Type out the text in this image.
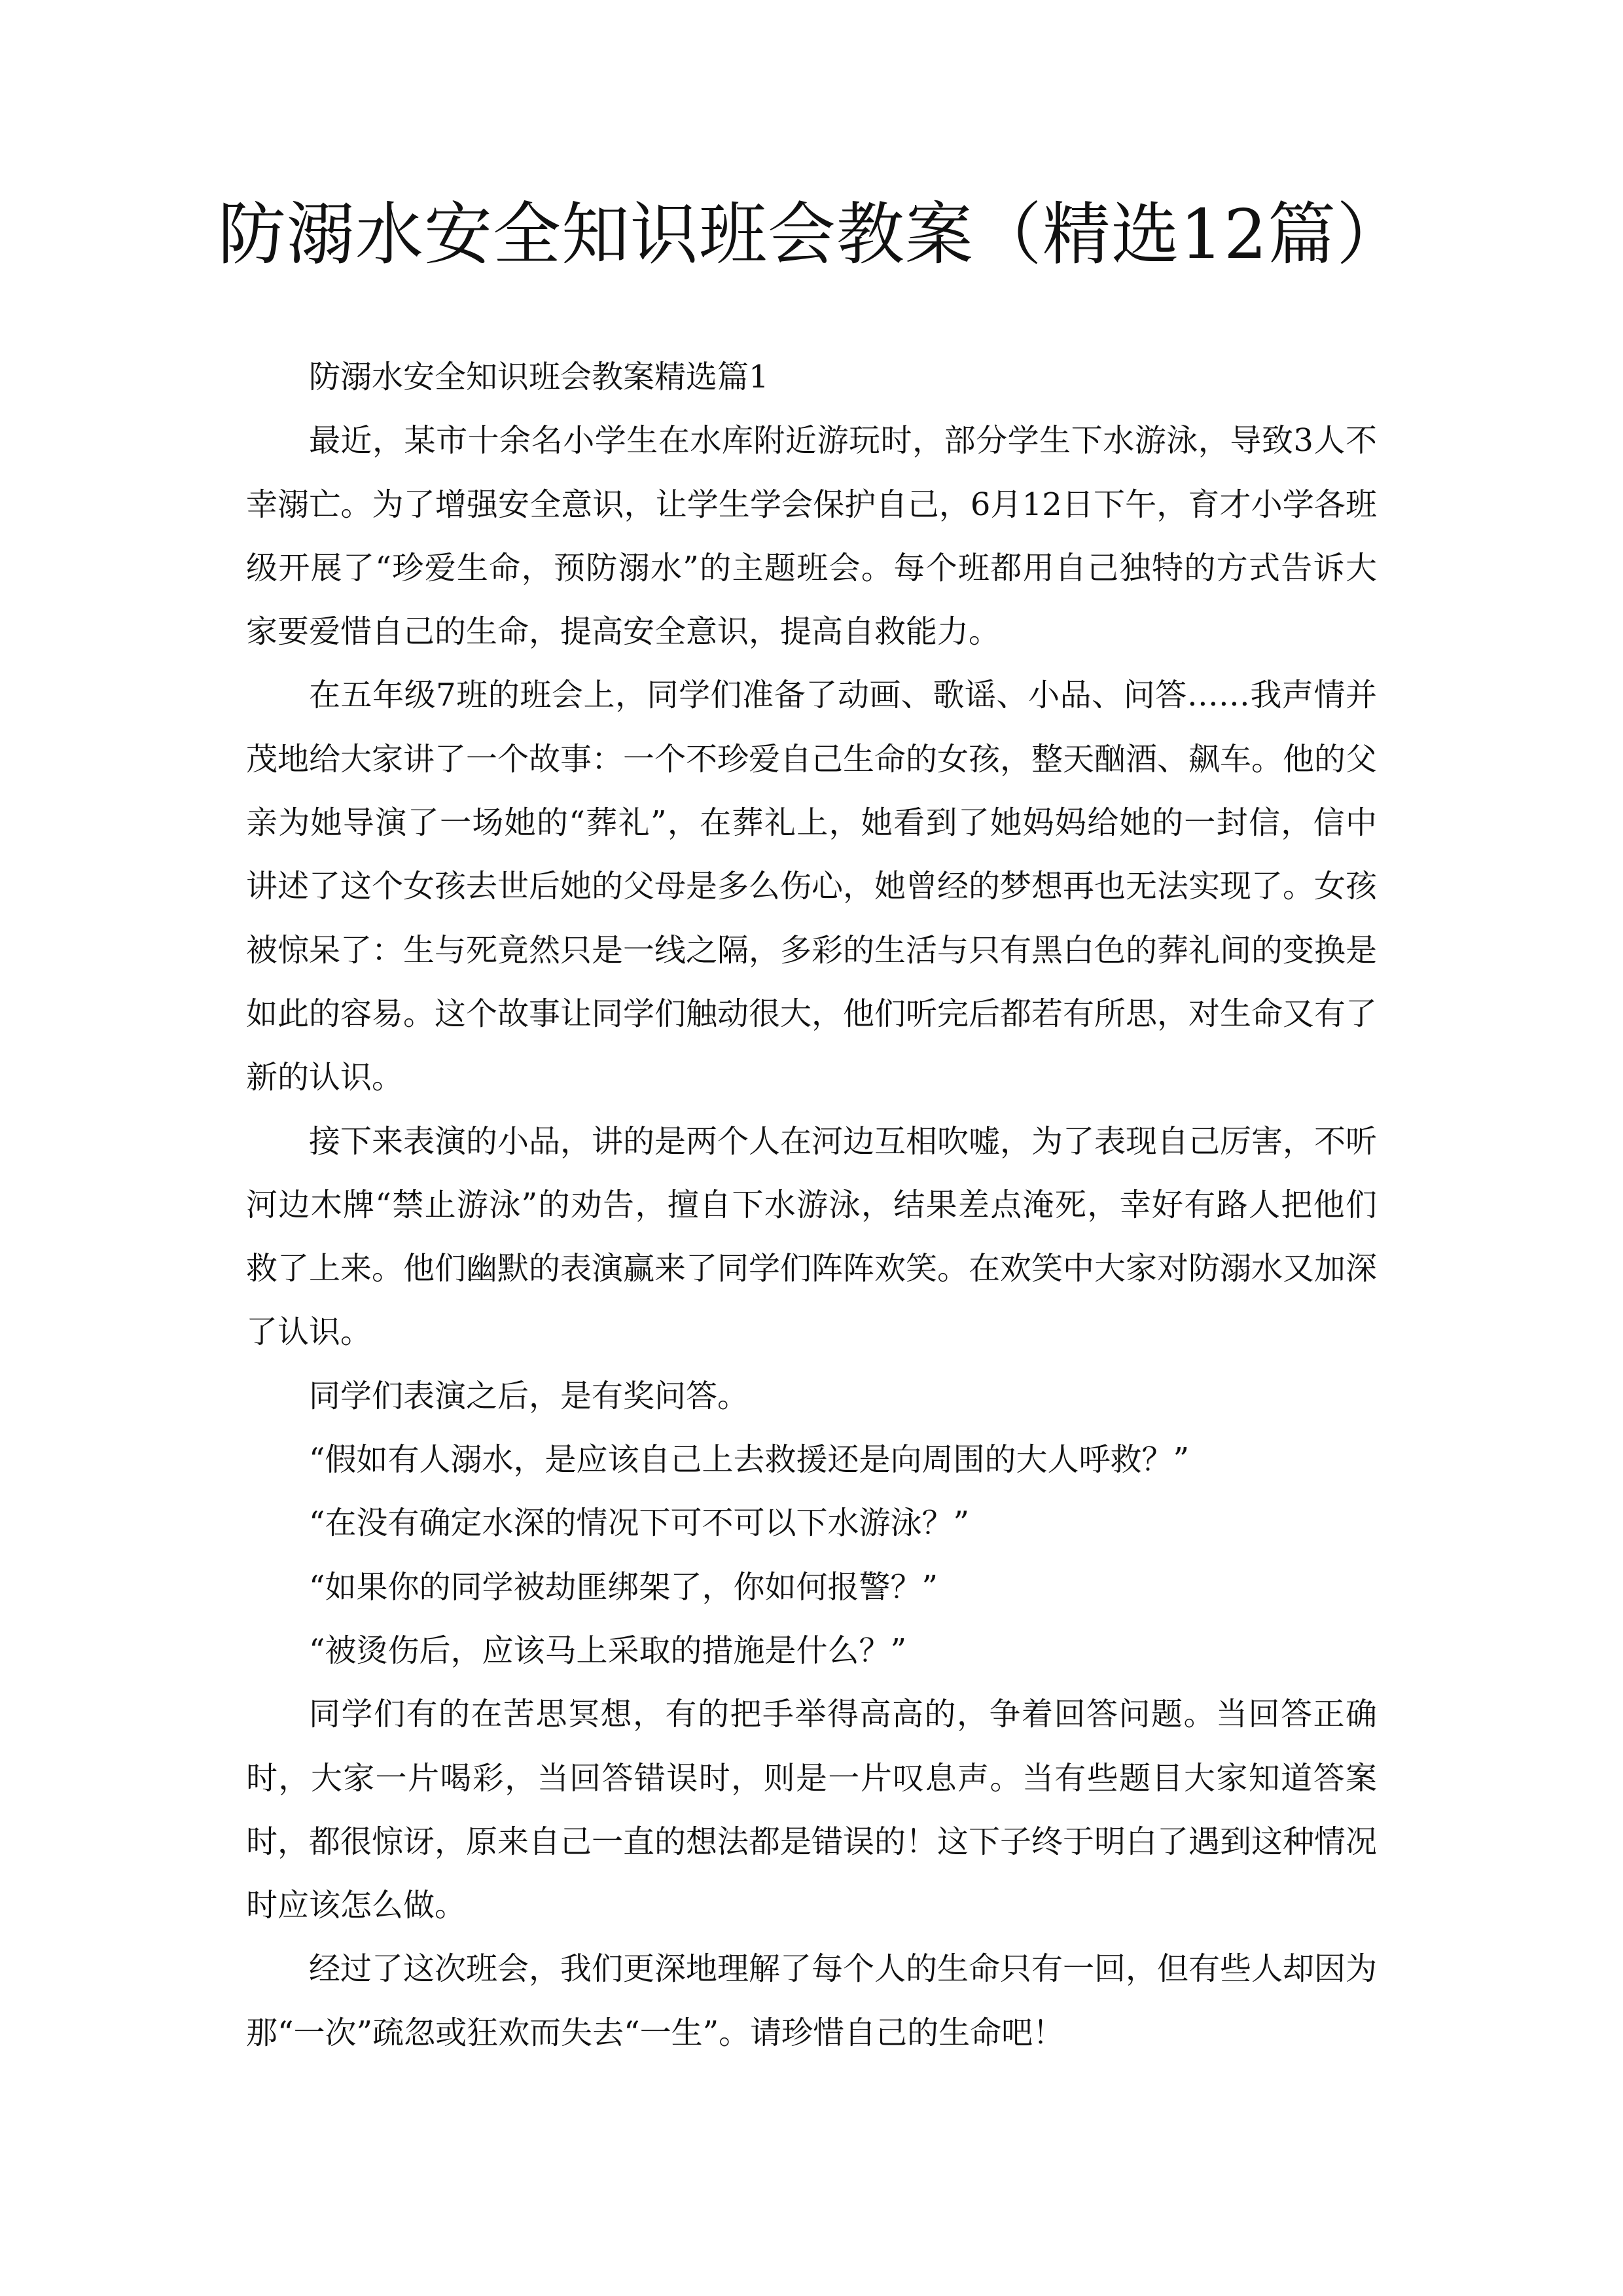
防溺水安全知识班会教案（精选12篇）

防溺水安全知识班会教案精选篇1

最近，某市十余名小学生在水库附近游玩时，部分学生下水游泳，导致3人不幸溺亡。为了增强安全意识，让学生学会保护自己，6月12日下午，育才小学各班级开展了“珍爱生命，预防溺水”的主题班会。每个班都用自己独特的方式告诉大家要爱惜自己的生命，提高安全意识，提高自救能力。

在五年级7班的班会上，同学们准备了动画、歌谣、小品、问答……我声情并茂地给大家讲了一个故事：一个不珍爱自己生命的女孩，整天酗酒、飙车。他的父亲为她导演了一场她的“葬礼”，在葬礼上，她看到了她妈妈给她的一封信，信中讲述了这个女孩去世后她的父母是多么伤心，她曾经的梦想再也无法实现了。女孩被惊呆了：生与死竟然只是一线之隔，多彩的生活与只有黑白色的葬礼间的变换是如此的容易。这个故事让同学们触动很大，他们听完后都若有所思，对生命又有了新的认识。

接下来表演的小品，讲的是两个人在河边互相吹嘘，为了表现自己厉害，不听河边木牌“禁止游泳”的劝告，擅自下水游泳，结果差点淹死，幸好有路人把他们救了上来。他们幽默的表演赢来了同学们阵阵欢笑。在欢笑中大家对防溺水又加深了认识。

同学们表演之后，是有奖问答。

“假如有人溺水，是应该自己上去救援还是向周围的大人呼救？”

“在没有确定水深的情况下可不可以下水游泳？”

“如果你的同学被劫匪绑架了，你如何报警？”

“被烫伤后，应该马上采取的措施是什么？”

同学们有的在苦思冥想，有的把手举得高高的，争着回答问题。当回答正确时，大家一片喝彩，当回答错误时，则是一片叹息声。当有些题目大家知道答案时，都很惊讶，原来自己一直的想法都是错误的！这下子终于明白了遇到这种情况时应该怎么做。

经过了这次班会，我们更深地理解了每个人的生命只有一回，但有些人却因为那“一次”疏忽或狂欢而失去“一生”。请珍惜自己的生命吧！
